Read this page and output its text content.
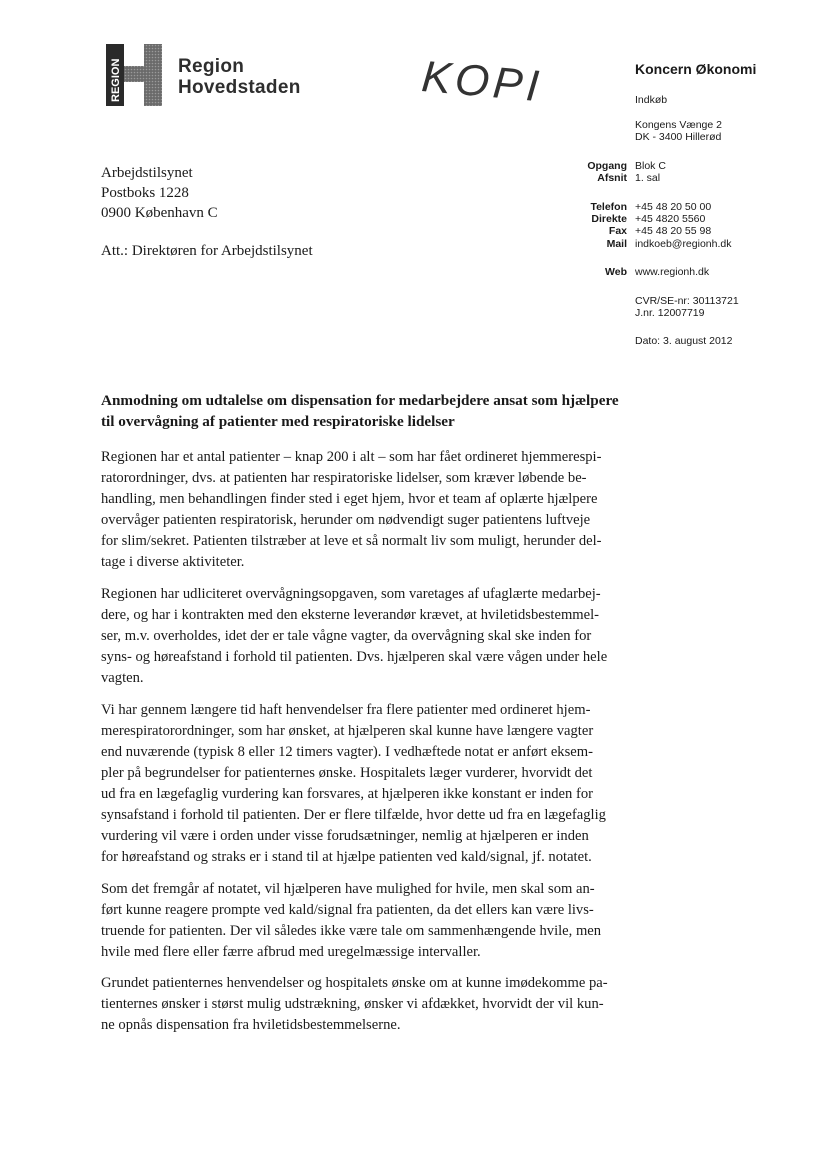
REGION	Region
Hovedstaden	KOPI	Koncern Økonomi
Indkøb
Kongens Vænge 2
DK - 3400 Hillerød
Opgang Blok C
Afsnit 1. sal
Telefon +45 48 20 50 00
Direkte +45 4820 5560
Fax +45 48 20 55 98
Mail indkoeb@regionh.dk
Web www.regionh.dk
CVR/SE-nr: 30113721
J.nr. 12007719
Dato: 3. august 2012
Arbejdstilsynet
Postboks 1228
0900 København C
Att.: Direktøren for Arbejdstilsynet
Anmodning om udtalelse om dispensation for medarbejdere ansat som hjælpere
til overvågning af patienter med respiratoriske lidelser
Regionen har et antal patienter – knap 200 i alt – som har fået ordineret hjemmerespi-
ratorordninger, dvs. at patienten har respiratoriske lidelser, som kræver løbende be-
handling, men behandlingen finder sted i eget hjem, hvor et team af oplærte hjælpere
overvåger patienten respiratorisk, herunder om nødvendigt suger patientens luftveje
for slim/sekret. Patienten tilstræber at leve et så normalt liv som muligt, herunder del-
tage i diverse aktiviteter.
Regionen har udliciteret overvågningsopgaven, som varetages af ufaglærte medarbej-
dere, og har i kontrakten med den eksterne leverandør krævet, at hviletidsbestemmel-
ser, m.v. overholdes, idet der er tale vågne vagter, da overvågning skal ske inden for
syns- og høreafstand i forhold til patienten. Dvs. hjælperen skal være vågen under hele
vagten.
Vi har gennem længere tid haft henvendelser fra flere patienter med ordineret hjem-
merespiratorordninger, som har ønsket, at hjælperen skal kunne have længere vagter
end nuværende (typisk 8 eller 12 timers vagter). I vedhæftede notat er anført eksem-
pler på begrundelser for patienternes ønske. Hospitalets læger vurderer, hvorvidt det
ud fra en lægefaglig vurdering kan forsvares, at hjælperen ikke konstant er inden for
synsafstand i forhold til patienten. Der er flere tilfælde, hvor dette ud fra en lægefaglig
vurdering vil være i orden under visse forudsætninger, nemlig at hjælperen er inden
for høreafstand og straks er i stand til at hjælpe patienten ved kald/signal, jf. notatet.
Som det fremgår af notatet, vil hjælperen have mulighed for hvile, men skal som an-
ført kunne reagere prompte ved kald/signal fra patienten, da det ellers kan være livs-
truende for patienten. Der vil således ikke være tale om sammenhængende hvile, men
hvile med flere eller færre afbrud med uregelmæssige intervaller.
Grundet patienternes henvendelser og hospitalets ønske om at kunne imødekomme pa-
tienternes ønsker i størst mulig udstrækning, ønsker vi afdækket, hvorvidt der vil kun-
ne opnås dispensation fra hviletidsbestemmelserne.
